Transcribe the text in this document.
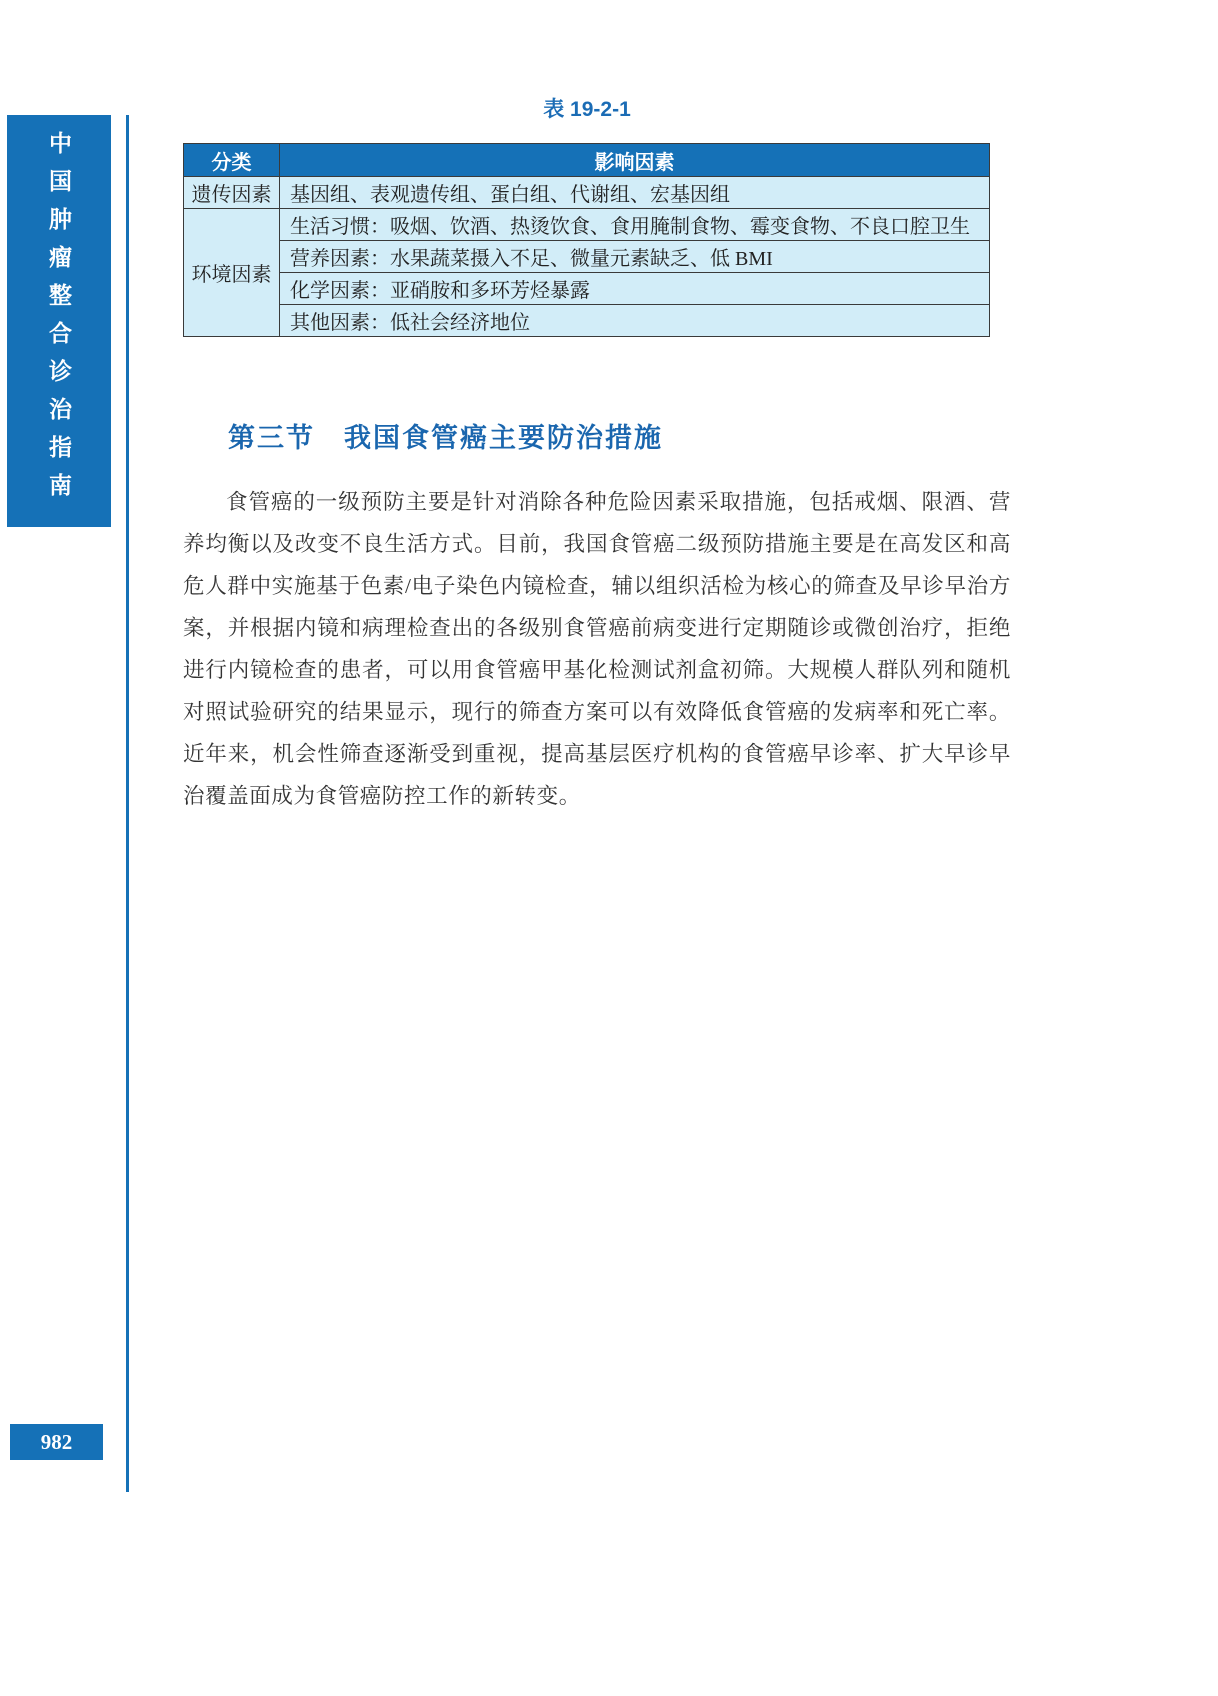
中国肿瘤整合诊治指南
982
表 19-2-1
分类	影响因素
遗传因素	基因组、表观遗传组、蛋白组、代谢组、宏基因组
环境因素	生活习惯：吸烟、饮酒、热烫饮食、食用腌制食物、霉变食物、不良口腔卫生
	营养因素：水果蔬菜摄入不足、微量元素缺乏、低 BMI
	化学因素：亚硝胺和多环芳烃暴露
	其他因素：低社会经济地位
第三节　我国食管癌主要防治措施

食管癌的一级预防主要是针对消除各种危险因素采取措施，包括戒烟、限酒、营养均衡以及改变不良生活方式。目前，我国食管癌二级预防措施主要是在高发区和高危人群中实施基于色素/电子染色内镜检查，辅以组织活检为核心的筛查及早诊早治方案，并根据内镜和病理检查出的各级别食管癌前病变进行定期随诊或微创治疗，拒绝进行内镜检查的患者，可以用食管癌甲基化检测试剂盒初筛。大规模人群队列和随机对照试验研究的结果显示，现行的筛查方案可以有效降低食管癌的发病率和死亡率。近年来，机会性筛查逐渐受到重视，提高基层医疗机构的食管癌早诊率、扩大早诊早治覆盖面成为食管癌防控工作的新转变。
